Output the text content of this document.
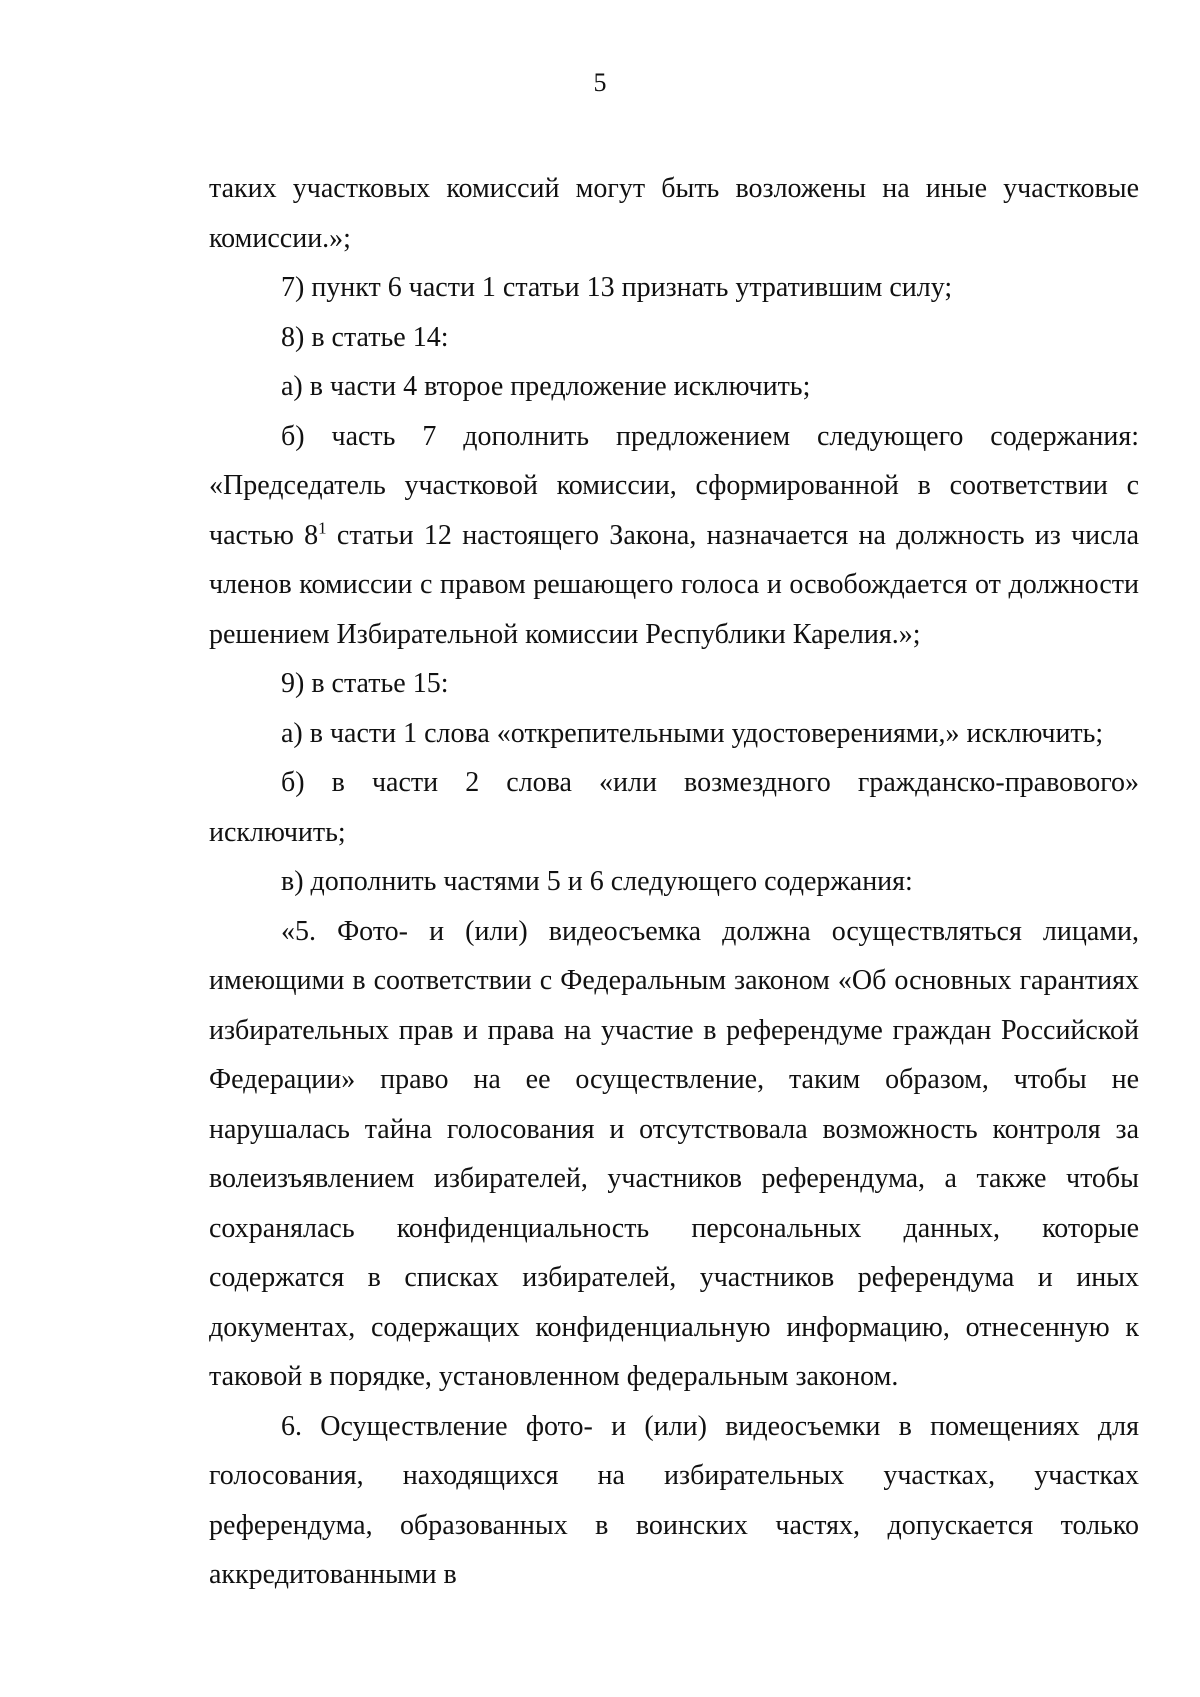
5

таких участковых комиссий могут быть возложены на иные участковые комиссии.»;

7) пункт 6 части 1 статьи 13 признать утратившим силу;

8) в статье 14:

а) в части 4 второе предложение исключить;

б) часть 7 дополнить предложением следующего содержания: «Председатель участковой комиссии, сформированной в соответствии с частью $8^1$ статьи 12 настоящего Закона, назначается на должность из числа членов комиссии с правом решающего голоса и освобождается от должности решением Избирательной комиссии Республики Карелия.»;

9) в статье 15:

а) в части 1 слова «открепительными удостоверениями,» исключить;

б) в части 2 слова «или возмездного гражданско-правового» исключить;

в) дополнить частями 5 и 6 следующего содержания:

«5. Фото- и (или) видеосъемка должна осуществляться лицами, имеющими в соответствии с Федеральным законом «Об основных гарантиях избирательных прав и права на участие в референдуме граждан Российской Федерации» право на ее осуществление, таким образом, чтобы не нарушалась тайна голосования и отсутствовала возможность контроля за волеизъявлением избирателей, участников референдума, а также чтобы сохранялась конфиденциальность персональных данных, которые содержатся в списках избирателей, участников референдума и иных документах, содержащих конфиденциальную информацию, отнесенную к таковой в порядке, установленном федеральным законом.

6. Осуществление фото- и (или) видеосъемки в помещениях для голосования, находящихся на избирательных участках, участках референдума, образованных в воинских частях, допускается только аккредитованными в
